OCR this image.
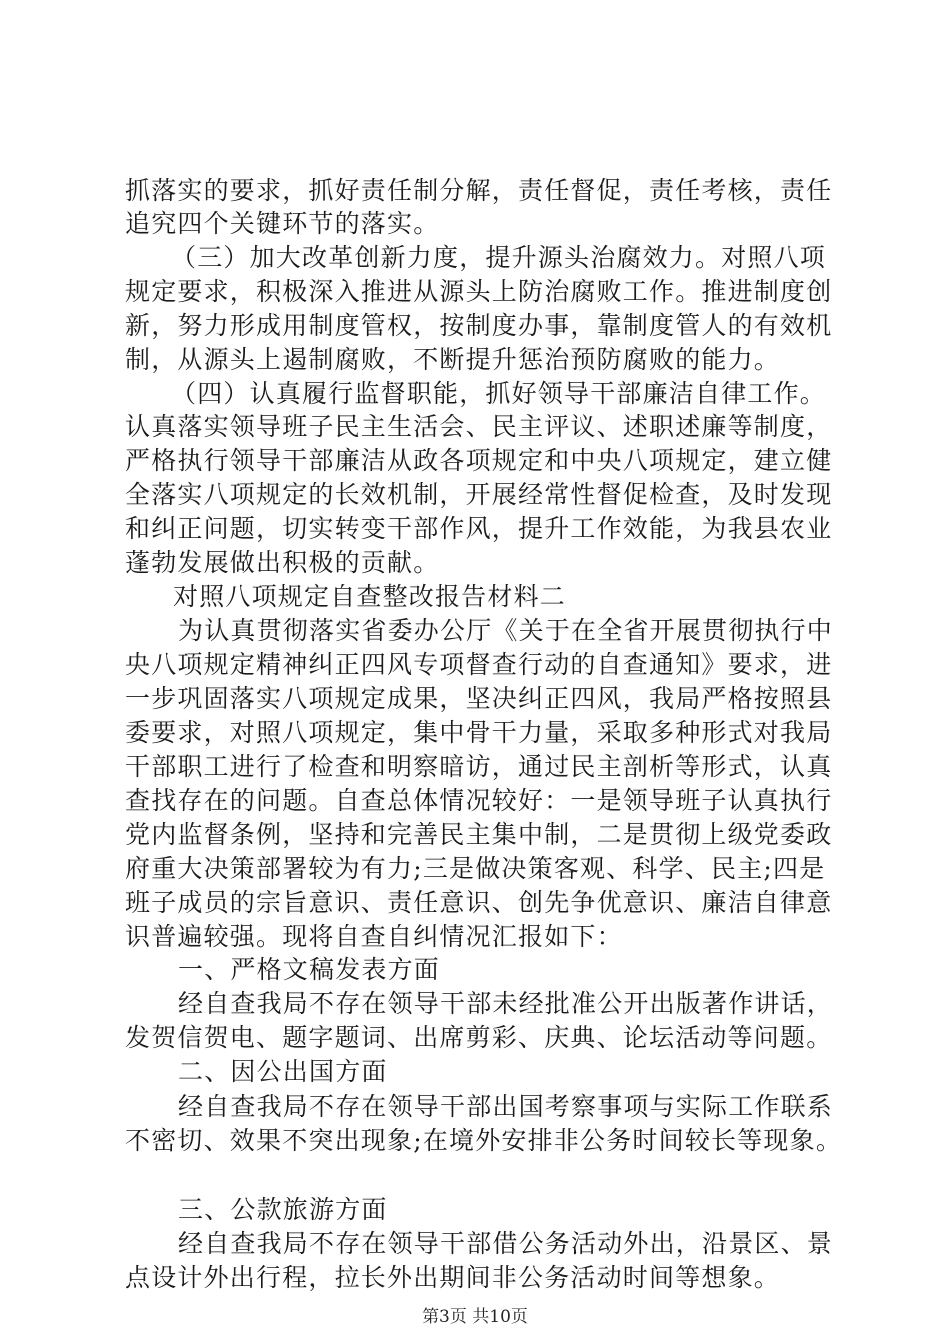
抓落实的要求，抓好责任制分解，责任督促，责任考核，责任
追究四个关键环节的落实。
（三）加大改革创新力度，提升源头治腐效力。对照八项
规定要求，积极深入推进从源头上防治腐败工作。推进制度创
新，努力形成用制度管权，按制度办事，靠制度管人的有效机
制，从源头上遏制腐败，不断提升惩治预防腐败的能力。
（四）认真履行监督职能，抓好领导干部廉洁自律工作。
认真落实领导班子民主生活会、民主评议、述职述廉等制度，
严格执行领导干部廉洁从政各项规定和中央八项规定，建立健
全落实八项规定的长效机制，开展经常性督促检查，及时发现
和纠正问题，切实转变干部作风，提升工作效能，为我县农业
蓬勃发展做出积极的贡献。
对照八项规定自查整改报告材料二
为认真贯彻落实省委办公厅《关于在全省开展贯彻执行中
央八项规定精神纠正四风专项督查行动的自查通知》要求，进
一步巩固落实八项规定成果，坚决纠正四风，我局严格按照县
委要求，对照八项规定，集中骨干力量，采取多种形式对我局
干部职工进行了检查和明察暗访，通过民主剖析等形式，认真
查找存在的问题。自查总体情况较好：一是领导班子认真执行
党内监督条例，坚持和完善民主集中制，二是贯彻上级党委政
府重大决策部署较为有力;三是做决策客观、科学、民主;四是
班子成员的宗旨意识、责任意识、创先争优意识、廉洁自律意
识普遍较强。现将自查自纠情况汇报如下：
一、严格文稿发表方面
经自查我局不存在领导干部未经批准公开出版著作讲话，
发贺信贺电、题字题词、出席剪彩、庆典、论坛活动等问题。
二、因公出国方面
经自查我局不存在领导干部出国考察事项与实际工作联系
不密切、效果不突出现象;在境外安排非公务时间较长等现象。
三、公款旅游方面
经自查我局不存在领导干部借公务活动外出，沿景区、景
点设计外出行程，拉长外出期间非公务活动时间等想象。
第3页 共10页
